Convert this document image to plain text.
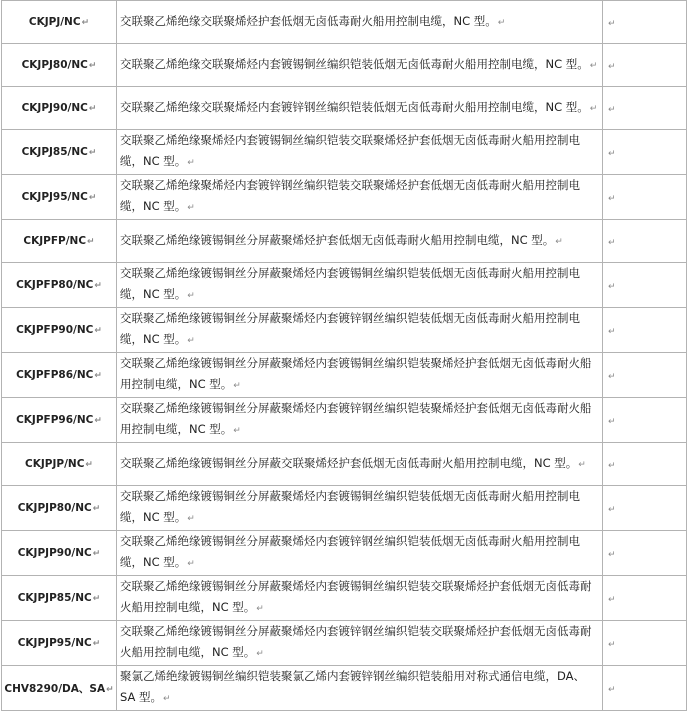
CKJPJ/NC↵	交联聚乙烯绝缘交联聚烯烃护套低烟无卤低毒耐火船用控制电缆，NC 型。↵	↵
CKJPJ80/NC↵	交联聚乙烯绝缘交联聚烯烃内套镀锡铜丝编织铠装低烟无卤低毒耐火船用控制电缆，NC 型。↵	↵
CKJPJ90/NC↵	交联聚乙烯绝缘交联聚烯烃内套镀锌钢丝编织铠装低烟无卤低毒耐火船用控制电缆，NC 型。↵	↵
CKJPJ85/NC↵	交联聚乙烯绝缘聚烯烃内套镀锡铜丝编织铠装交联聚烯烃护套低烟无卤低毒耐火船用控制电缆，NC 型。↵	↵
CKJPJ95/NC↵	交联聚乙烯绝缘聚烯烃内套镀锌钢丝编织铠装交联聚烯烃护套低烟无卤低毒耐火船用控制电缆，NC 型。↵	↵
CKJPFP/NC↵	交联聚乙烯绝缘镀锡铜丝分屏蔽聚烯烃护套低烟无卤低毒耐火船用控制电缆，NC 型。↵	↵
CKJPFP80/NC↵	交联聚乙烯绝缘镀锡铜丝分屏蔽聚烯烃内套镀锡铜丝编织铠装低烟无卤低毒耐火船用控制电缆，NC 型。↵	↵
CKJPFP90/NC↵	交联聚乙烯绝缘镀锡铜丝分屏蔽聚烯烃内套镀锌钢丝编织铠装低烟无卤低毒耐火船用控制电缆，NC 型。↵	↵
CKJPFP86/NC↵	交联聚乙烯绝缘镀锡铜丝分屏蔽聚烯烃内套镀锡铜丝编织铠装聚烯烃护套低烟无卤低毒耐火船用控制电缆，NC 型。↵	↵
CKJPFP96/NC↵	交联聚乙烯绝缘镀锡铜丝分屏蔽聚烯烃内套镀锌钢丝编织铠装聚烯烃护套低烟无卤低毒耐火船用控制电缆，NC 型。↵	↵
CKJPJP/NC↵	交联聚乙烯绝缘镀锡铜丝分屏蔽交联聚烯烃护套低烟无卤低毒耐火船用控制电缆，NC 型。↵	↵
CKJPJP80/NC↵	交联聚乙烯绝缘镀锡铜丝分屏蔽聚烯烃内套镀锡铜丝编织铠装低烟无卤低毒耐火船用控制电缆，NC 型。↵	↵
CKJPJP90/NC↵	交联聚乙烯绝缘镀锡铜丝分屏蔽聚烯烃内套镀锌钢丝编织铠装低烟无卤低毒耐火船用控制电缆，NC 型。↵	↵
CKJPJP85/NC↵	交联聚乙烯绝缘镀锡铜丝分屏蔽聚烯烃内套镀锡铜丝编织铠装交联聚烯烃护套低烟无卤低毒耐火船用控制电缆，NC 型。↵	↵
CKJPJP95/NC↵	交联聚乙烯绝缘镀锡铜丝分屏蔽聚烯烃内套镀锌钢丝编织铠装交联聚烯烃护套低烟无卤低毒耐火船用控制电缆，NC 型。↵	↵
CHV8290/DA、SA↵	聚氯乙烯绝缘镀锡铜丝编织铠装聚氯乙烯内套镀锌钢丝编织铠装船用对称式通信电缆，DA、SA 型。↵	↵
